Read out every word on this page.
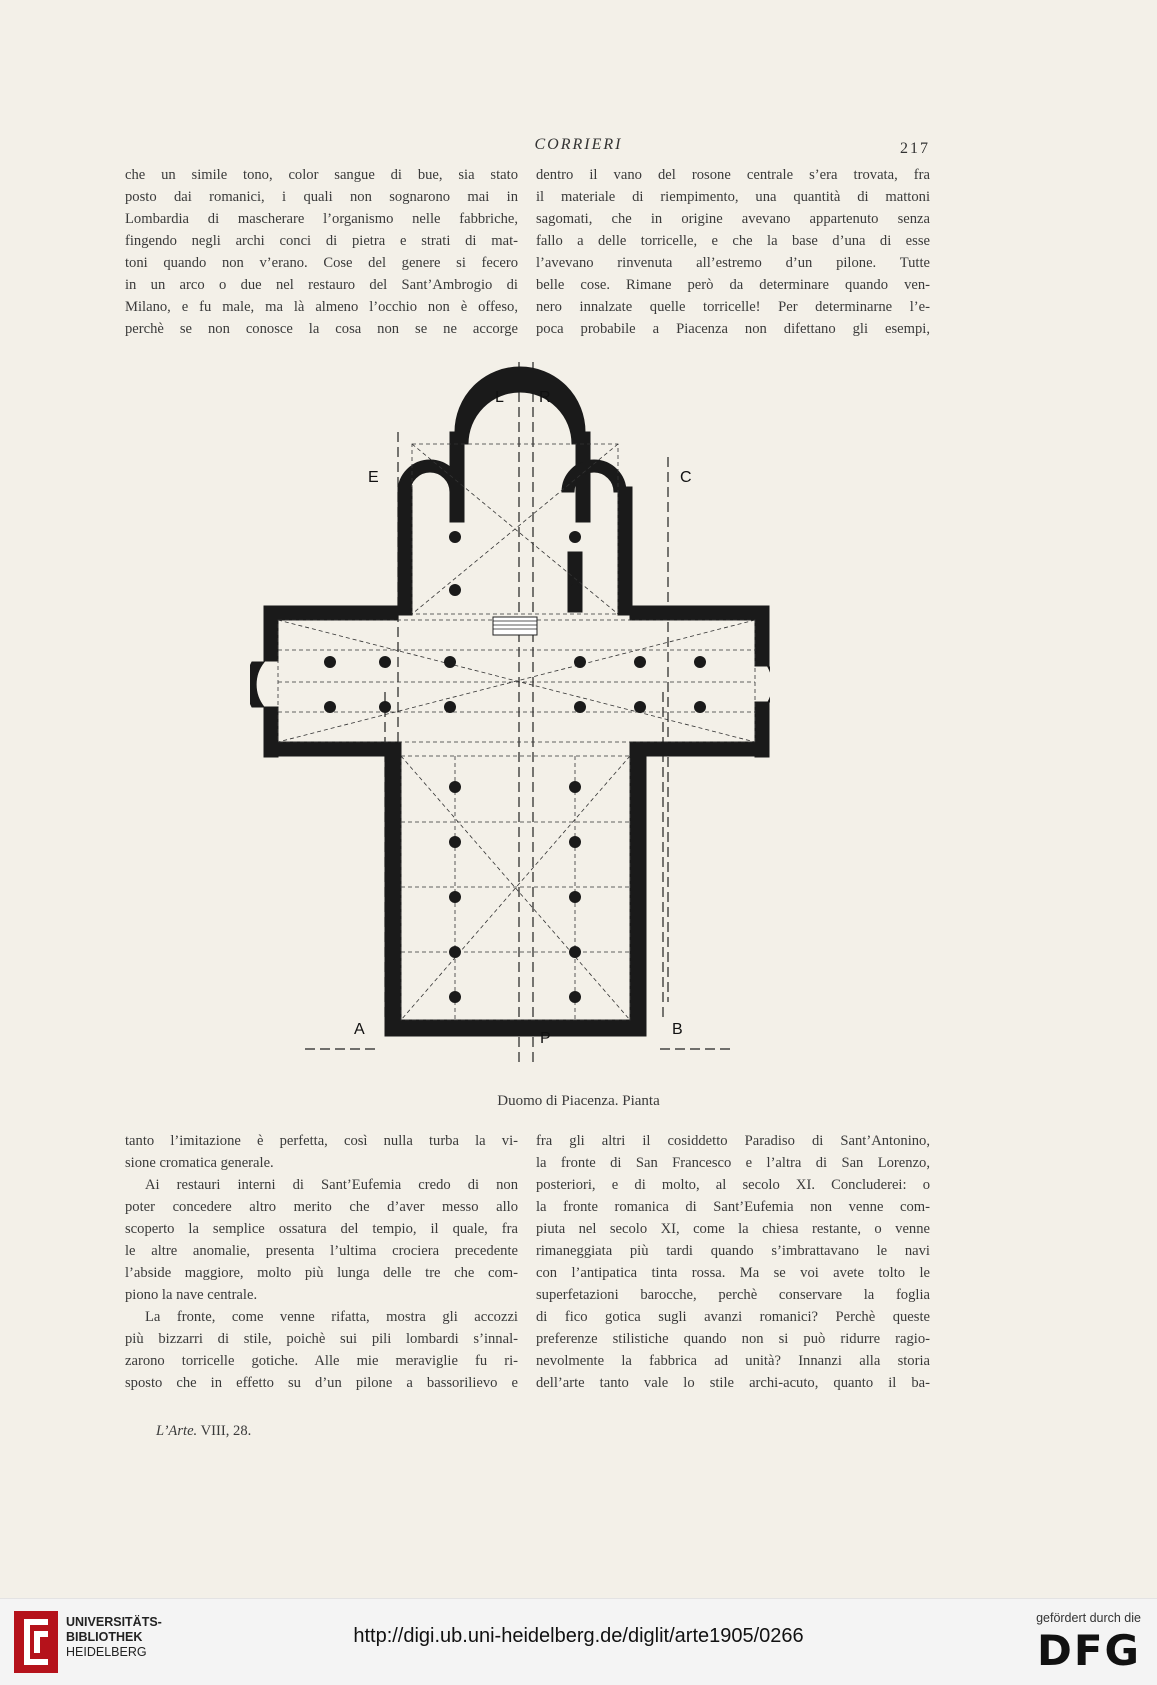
CORRIERI	217
che un simile tono, color sangue di bue, sia stato
posto dai romanici, i quali non sognarono mai in
Lombardia di mascherare l’organismo nelle fabbriche,
fingendo negli archi conci di pietra e strati di mat-
toni quando non v’erano. Cose del genere si fecero
in un arco o due nel restauro del Sant’Ambrogio di
Milano, e fu male, ma là almeno l’occhio non è offeso,
perchè se non conosce la cosa non se ne accorge
dentro il vano del rosone centrale s’era trovata, fra
il materiale di riempimento, una quantità di mattoni
sagomati, che in origine avevano appartenuto senza
fallo a delle torricelle, e che la base d’una di esse
l’avevano rinvenuta all’estremo d’un pilone. Tutte
belle cose. Rimane però da determinare quando ven-
nero innalzate quelle torricelle! Per determinarne l’e-
poca probabile a Piacenza non difettano gli esempi,
L R
E	C
A
P
B
Duomo di Piacenza. Pianta
tanto l’imitazione è perfetta, così nulla turba la vi-
sione cromatica generale.
Ai restauri interni di Sant’Eufemia credo di non
poter concedere altro merito che d’aver messo allo
scoperto la semplice ossatura del tempio, il quale, fra
le altre anomalie, presenta l’ultima crociera precedente
l’abside maggiore, molto più lunga delle tre che com-
piono la nave centrale.
La fronte, come venne rifatta, mostra gli accozzi
più bizzarri di stile, poichè sui pili lombardi s’innal-
zarono torricelle gotiche. Alle mie meraviglie fu ri-
sposto che in effetto su d’un pilone a bassorilievo e
fra gli altri il cosiddetto Paradiso di Sant’Antonino,
la fronte di San Francesco e l’altra di San Lorenzo,
posteriori, e di molto, al secolo XI. Concluderei: o
la fronte romanica di Sant’Eufemia non venne com-
piuta nel secolo XI, come la chiesa restante, o venne
rimaneggiata più tardi quando s’imbrattavano le navi
con l’antipatica tinta rossa. Ma se voi avete tolto le
superfetazioni barocche, perchè conservare la foglia
di fico gotica sugli avanzi romanici? Perchè queste
preferenze stilistiche quando non si può ridurre ragio-
nevolmente la fabbrica ad unità? Innanzi alla storia
dell’arte tanto vale lo stile archi-acuto, quanto il ba-
L’Arte. VIII, 28.
UNIVERSITÄTS-
BIBLIOTHEK
HEIDELBERG
http://digi.ub.uni-heidelberg.de/diglit/arte1905/0266
gefördert durch die
DFG
